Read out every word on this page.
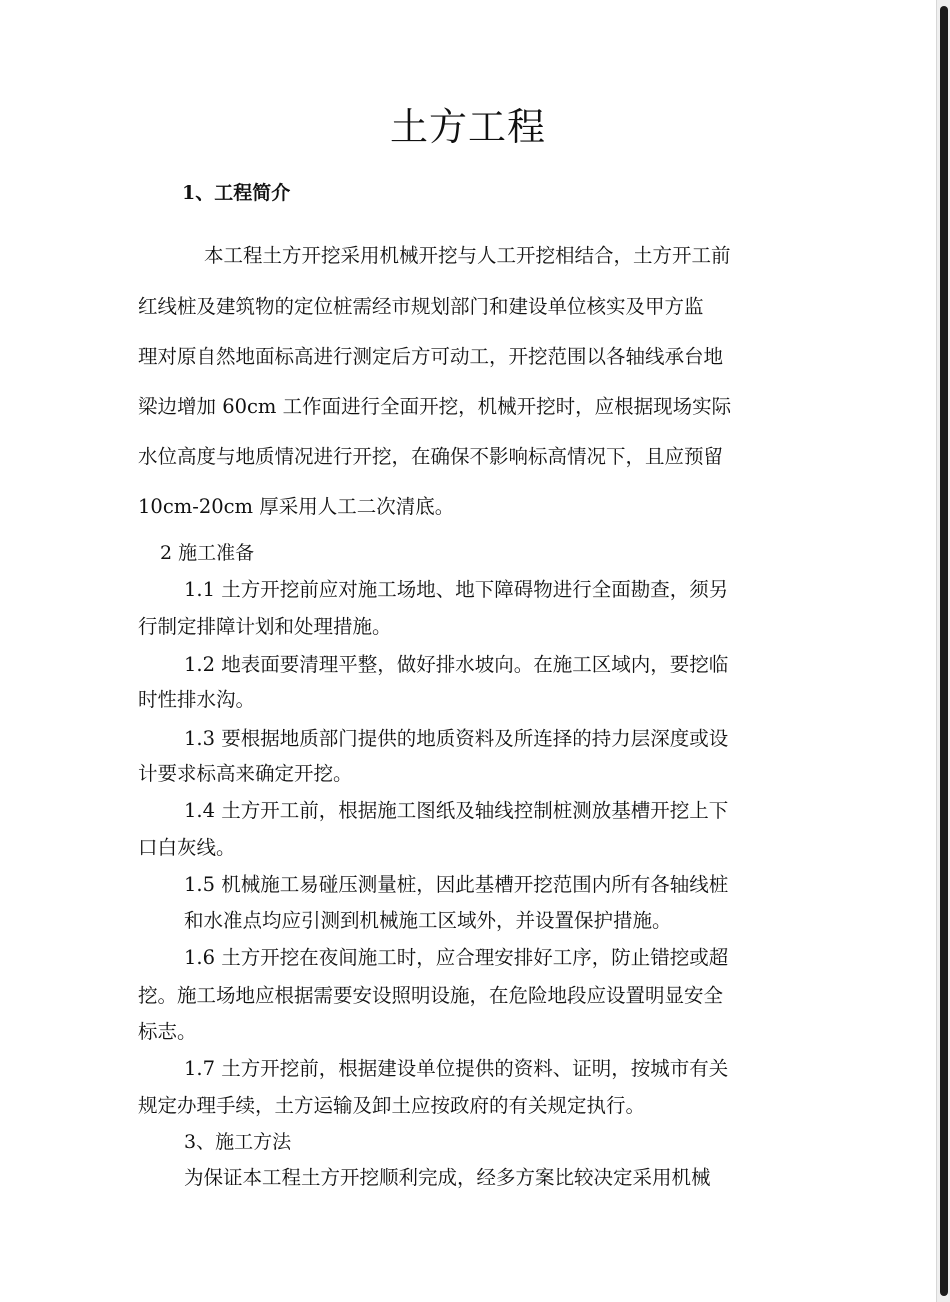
土方工程

1、工程简介

本工程土方开挖采用机械开挖与人工开挖相结合，土方开工前

红线桩及建筑物的定位桩需经市规划部门和建设单位核实及甲方监

理对原自然地面标高进行测定后方可动工，开挖范围以各轴线承台地

梁边增加 60cm 工作面进行全面开挖，机械开挖时，应根据现场实际

水位高度与地质情况进行开挖，在确保不影响标高情况下，且应预留

10cm-20cm 厚采用人工二次清底。

2 施工准备

1.1 土方开挖前应对施工场地、地下障碍物进行全面勘查，须另

行制定排障计划和处理措施。

1.2 地表面要清理平整，做好排水坡向。在施工区域内，要挖临

时性排水沟。

1.3 要根据地质部门提供的地质资料及所连择的持力层深度或设

计要求标高来确定开挖。

1.4 土方开工前，根据施工图纸及轴线控制桩测放基槽开挖上下

口白灰线。

1.5 机械施工易碰压测量桩，因此基槽开挖范围内所有各轴线桩

和水准点均应引测到机械施工区域外，并设置保护措施。

1.6 土方开挖在夜间施工时，应合理安排好工序，防止错挖或超

挖。施工场地应根据需要安设照明设施，在危险地段应设置明显安全

标志。

1.7 土方开挖前，根据建设单位提供的资料、证明，按城市有关

规定办理手续，土方运输及卸土应按政府的有关规定执行。

3、施工方法

为保证本工程土方开挖顺利完成，经多方案比较决定采用机械
